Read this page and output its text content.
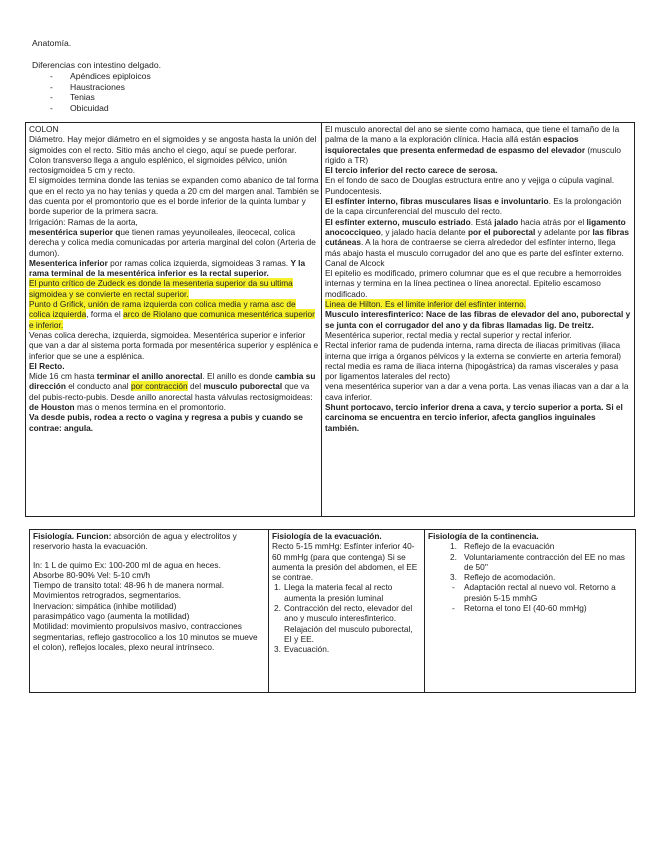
Anatomía.
Diferencias con intestino delgado.
- Apéndices epiploicos
- Haustraciones
- Tenias
- Obicuidad
COLON
Diámetro. Hay mejor diámetro en el sigmoides y se angosta hasta la unión del sigmoides con el recto. Sitio más ancho el ciego, aquí se puede perforar.
Colon transverso llega a angulo esplénico, el sigmoides pélvico, unión rectosigmoidea 5 cm y recto.
El sigmoides termina donde las tenias se expanden como abanico de tal forma que en el recto ya no hay tenias y queda a 20 cm del margen anal. También se das cuenta por el promontorio que es el borde inferior de la quinta lumbar y borde superior de la primera sacra.
Irrigación: Ramas de la aorta,
mesentérica superior que tienen ramas yeyunoileales, ileocecal, colica derecha y colica media comunicadas por arteria marginal del colon (Arteria de dumon).
Mesenterica inferior por ramas colica izquierda, sigmoideas 3 ramas. Y la rama terminal de la mesentérica inferior es la rectal superior.
El punto crítico de Zudeck es donde la mesenteria superior da su ultima sigmoidea y se convierte en rectal superior.
Punto d Grifick, unión de rama izquierda con colica media y rama asc de colica izquierda, forma el arco de Riolano que comunica mesentérica superior e inferior.
Venas colica derecha, izquierda, sigmoidea. Mesentérica superior e inferior que van a dar al sistema porta formada por mesentérica superior y esplénica e inferior que se une a esplénica.
El Recto.
Mide 16 cm hasta terminar el anillo anorectal. El anillo es donde cambia su dirección el conducto anal por contracción del musculo puborectal que va del pubis-recto-pubis. Desde anillo anorectal hasta válvulas rectosigmoideas: de Houston mas o menos termina en el promontorio.
Va desde pubis, rodea a recto o vagina y regresa a pubis y cuando se contrae: angula.
El musculo anorectal del ano se siente como hamaca, que tiene el tamaño de la palma de la mano a la exploración clínica. Hacia allá están espacios isquiorectales que presenta enfermedad de espasmo del elevador (musculo rigido a TR)
El tercio inferior del recto carece de serosa.
En el fondo de saco de Douglas estructura entre ano y vejiga o cúpula vaginal. Pundocentesis.
El esfínter interno, fibras musculares lisas e involuntario. Es la prolongación de la capa circunferencial del musculo del recto.
El esfínter externo, musculo estriado. Está jalado hacia atrás por el ligamento anococciqueo, y jalado hacia delante por el puborectal y adelante por las fibras cutáneas. A la hora de contraerse se cierra alrededor del esfínter interno, llega más abajo hasta el musculo corrugador del ano que es parte del esfínter externo.
Canal de Alcock
El epitelio es modificado, primero columnar que es el que recubre a hemorroides internas y termina en la línea pectinea o línea anorectal. Epitelio escamoso modificado.
Linea de Hilton. Es el limite inferior del esfínter interno.
Musculo interesfinterico: Nace de las fibras de elevador del ano, puborectal y se junta con el corrugador del ano y da fibras llamadas lig. De treitz.
Mesentérica superior, rectal media y rectal superior y rectal inferior.
Rectal inferior rama de pudenda interna, rama directa de iliacas primitivas (iliaca interna que irriga a órganos pélvicos y la externa se convierte en arteria femoral)
rectal media es rama de iliaca interna (hipogástrica) da ramas viscerales y pasa por ligamentos laterales del recto)
vena mesentérica superior van a dar a vena porta. Las venas iliacas van a dar a la cava inferior.
Shunt portocavo, tercio inferior drena a cava, y tercio superior a porta. Si el carcinoma se encuentra en tercio inferior, afecta ganglios inguinales también.
Fisiología. Funcion: absorción de agua y electrolitos y reservorio hasta la evacuación.
In: 1 L de quimo Ex: 100-200 ml de agua en heces.
Absorbe 80-90% Vel: 5-10 cm/h
Tiempo de transito total: 48-96 h de manera normal.
Movimientos retrogrados, segmentarios.
Inervacion: simpática (inhibe motilidad)
parasimpático vago (aumenta la motilidad)
Motilidad: movimiento propulsivos masivo, contracciones segmentarias, reflejo gastrocolico a los 10 minutos se mueve el colon), reflejos locales, plexo neural intrínseco.
Fisiología de la evacuación.
Recto 5-15 mmHg: Esfínter inferior 40-60 mmHg (para que contenga) Si se aumenta la presión del abdomen, el EE se contrae.
Llega la materia fecal al recto aumenta la presión luminal
Contracción del recto, elevador del ano y musculo interesfinterico. Relajación del musculo puborectal, EI y EE.
Evacuación.
Fisiología de la continencia.
Reflejo de la evacuación
Voluntariamente contracción del EE no mas de 50''
Reflejo de acomodación.
- Adaptación rectal al nuevo vol. Retorno a presión 5-15 mmhG
- Retorna el tono EI (40-60 mmHg)
